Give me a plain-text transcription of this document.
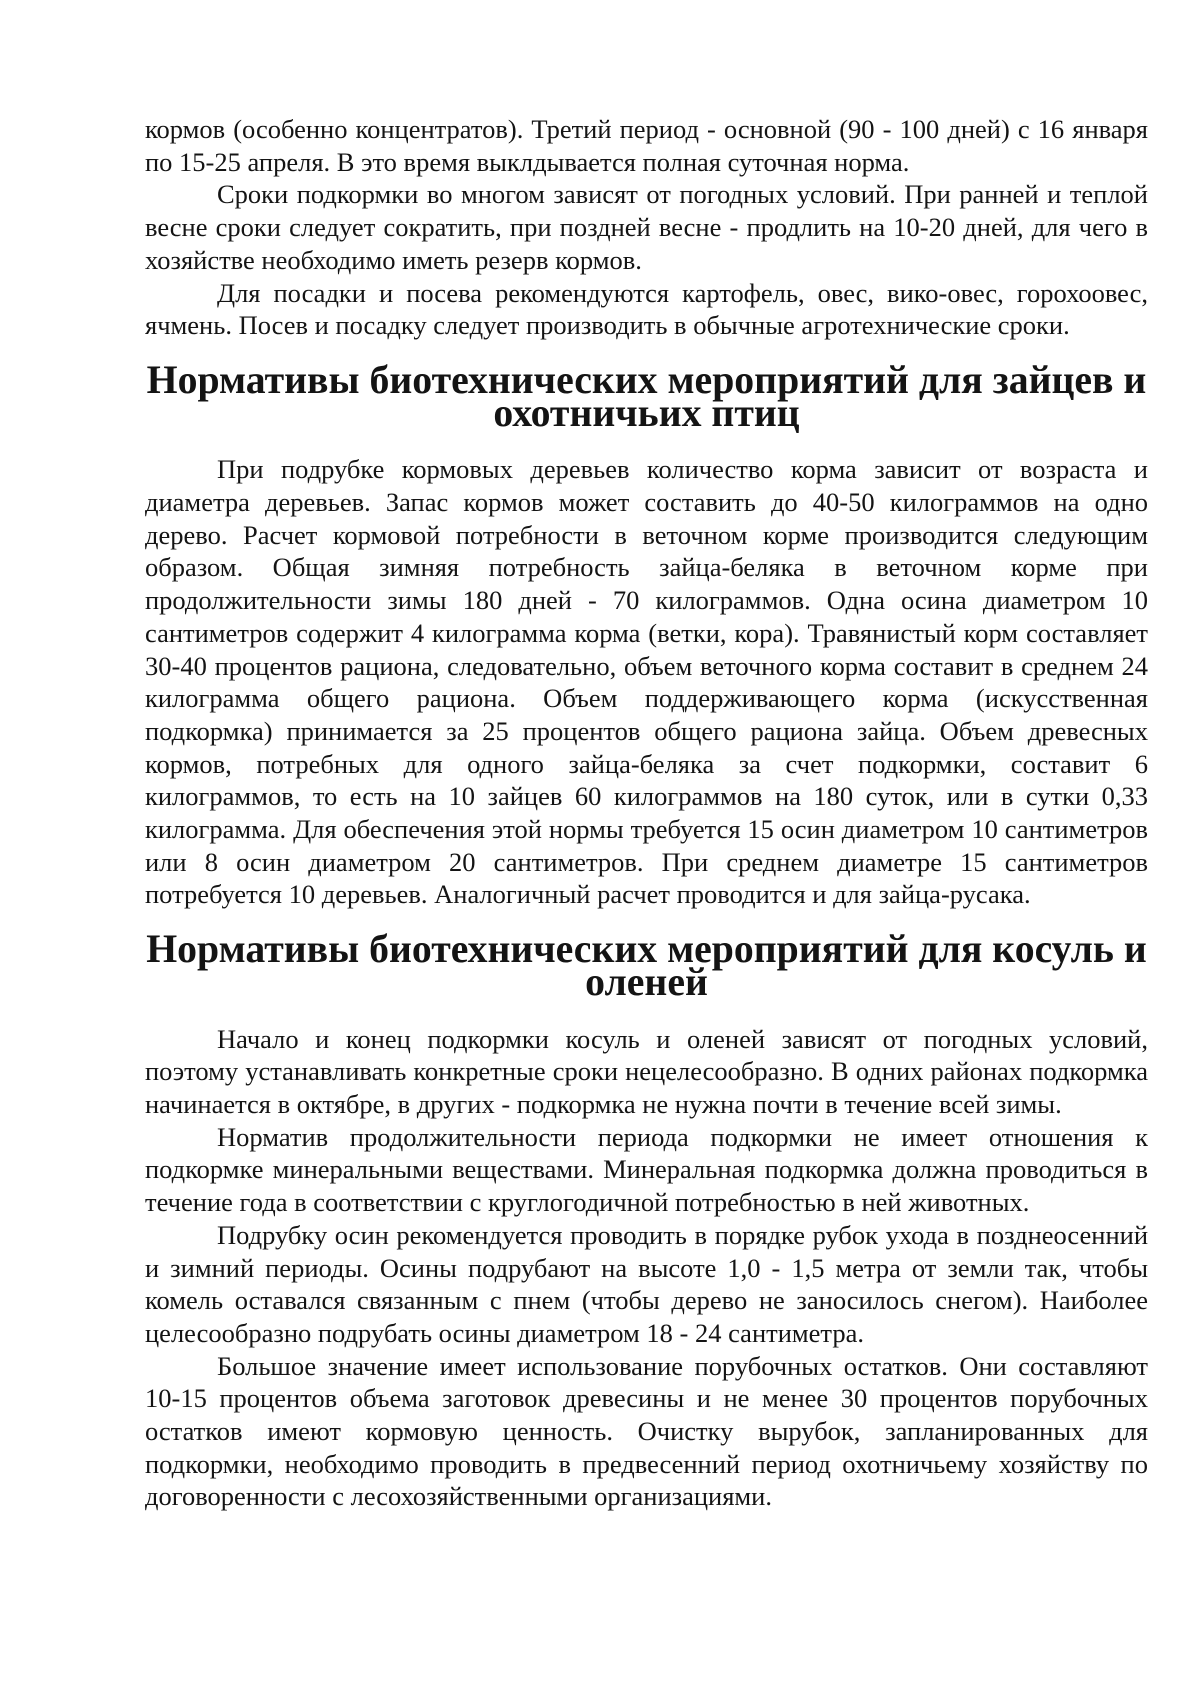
кормов (особенно концентратов). Третий период - основной (90 - 100 дней) с 16 января по 15-25 апреля. В это время выклдывается полная суточная норма.

Сроки подкормки во многом зависят от погодных условий. При ранней и теплой весне сроки следует сократить, при поздней весне - продлить на 10-20 дней, для чего в хозяйстве необходимо иметь резерв кормов.

Для посадки и посева рекомендуются картофель, овес, вико-овес, горохоовес, ячмень. Посев и посадку следует производить в обычные агротехнические сроки.

Нормативы биотехнических мероприятий для зайцев и охотничьих птиц

При подрубке кормовых деревьев количество корма зависит от возраста и диаметра деревьев. Запас кормов может составить до 40-50 килограммов на одно дерево. Расчет кормовой потребности в веточном корме производится следующим образом. Общая зимняя потребность зайца-беляка в веточном корме при продолжительности зимы 180 дней - 70 килограммов. Одна осина диаметром 10 сантиметров содержит 4 килограмма корма (ветки, кора). Травянистый корм составляет 30-40 процентов рациона, следовательно, объем веточного корма составит в среднем 24 килограмма общего рациона. Объем поддерживающего корма (искусственная подкормка) принимается за 25 процентов общего рациона зайца. Объем древесных кормов, потребных для одного зайца-беляка за счет подкормки, составит 6 килограммов, то есть на 10 зайцев 60 килограммов на 180 суток, или в сутки 0,33 килограмма. Для обеспечения этой нормы требуется 15 осин диаметром 10 сантиметров или 8 осин диаметром 20 сантиметров. При среднем диаметре 15 сантиметров потребуется 10 деревьев. Аналогичный расчет проводится и для зайца-русака.

Нормативы биотехнических мероприятий для косуль и оленей

Начало и конец подкормки косуль и оленей зависят от погодных условий, поэтому устанавливать конкретные сроки нецелесообразно. В одних районах подкормка начинается в октябре, в других - подкормка не нужна почти в течение всей зимы.

Норматив продолжительности периода подкормки не имеет отношения к подкормке минеральными веществами. Минеральная подкормка должна проводиться в течение года в соответствии с круглогодичной потребностью в ней животных.

Подрубку осин рекомендуется проводить в порядке рубок ухода в позднеосенний и зимний периоды. Осины подрубают на высоте 1,0 - 1,5 метра от земли так, чтобы комель оставался связанным с пнем (чтобы дерево не заносилось снегом). Наиболее целесообразно подрубать осины диаметром 18 - 24 сантиметра.

Большое значение имеет использование порубочных остатков. Они составляют 10-15 процентов объема заготовок древесины и не менее 30 процентов порубочных остатков имеют кормовую ценность. Очистку вырубок, запланированных для подкормки, необходимо проводить в предвесенний период охотничьему хозяйству по договоренности с лесохозяйственными организациями.
